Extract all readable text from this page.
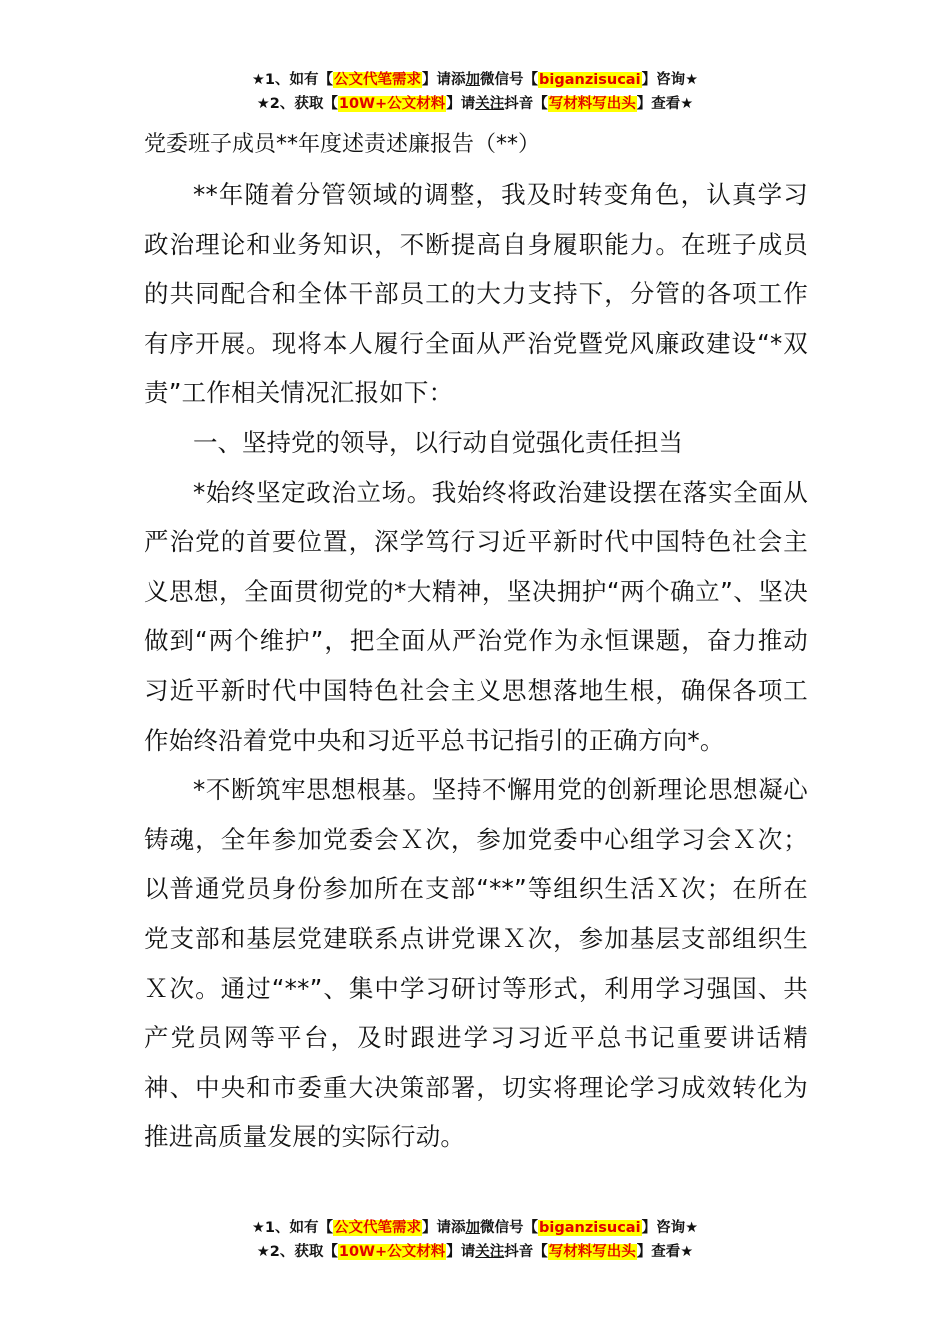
★1、如有【公文代笔需求】请添加微信号【biganzisucai】咨询★
★2、获取【10W+公文材料】请关注抖音【写材料写出头】查看★
党委班子成员**年度述责述廉报告（**）

**年随着分管领域的调整，我及时转变角色，认真学习政治理论和业务知识，不断提高自身履职能力。在班子成员的共同配合和全体干部员工的大力支持下，分管的各项工作有序开展。现将本人履行全面从严治党暨党风廉政建设“*双责”工作相关情况汇报如下：

一、坚持党的领导，以行动自觉强化责任担当

*始终坚定政治立场。我始终将政治建设摆在落实全面从严治党的首要位置，深学笃行习近平新时代中国特色社会主义思想，全面贯彻党的*大精神，坚决拥护“两个确立”、坚决做到“两个维护”，把全面从严治党作为永恒课题，奋力推动习近平新时代中国特色社会主义思想落地生根，确保各项工作始终沿着党中央和习近平总书记指引的正确方向*。

*不断筑牢思想根基。坚持不懈用党的创新理论思想凝心铸魂，全年参加党委会Ｘ次，参加党委中心组学习会Ｘ次；以普通党员身份参加所在支部“**”等组织生活Ｘ次；在所在党支部和基层党建联系点讲党课Ｘ次，参加基层支部组织生Ｘ次。通过“**”、集中学习研讨等形式，利用学习强国、共产党员网等平台，及时跟进学习习近平总书记重要讲话精神、中央和市委重大决策部署，切实将理论学习成效转化为推进高质量发展的实际行动。

★1、如有【公文代笔需求】请添加微信号【biganzisucai】咨询★
★2、获取【10W+公文材料】请关注抖音【写材料写出头】查看★
